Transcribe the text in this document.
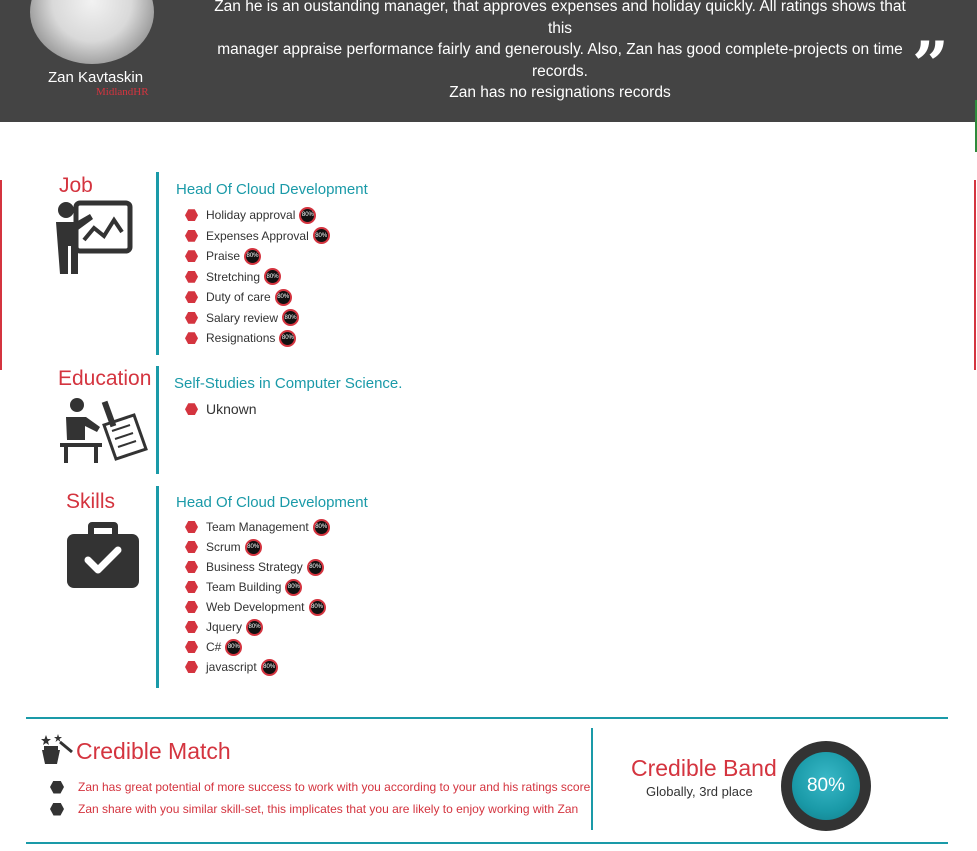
Zan Kavtaskin
MidlandHR
Zan he is an oustanding manager, that approves expenses and holiday quickly. All ratings shows that this
manager appraise performance fairly and generously. Also, Zan has good complete-projects on time records.
Zan has no resignations records	”
Job	Head Of Cloud Development
Holiday approval	80%
Expenses Approval	80%
Praise	80%
Stretching	80%
Duty of care	80%
Salary review	80%
Resignations	80%
Education Self-Studies in Computer Science.
Uknown
Skills	Head Of Cloud Development
Team Management	80%
Scrum	80%
Business Strategy	80%
Team Building	80%
Web Development	80%
Jquery	80%
C#	80%
javascript	80%
Credible Match
Zan has great potential of more success to work with you according to your and his ratings score
Zan share with you similar skill-set, this implicates that you are likely to enjoy working with Zan
Credible Band
Globally, 3rd place	80%
